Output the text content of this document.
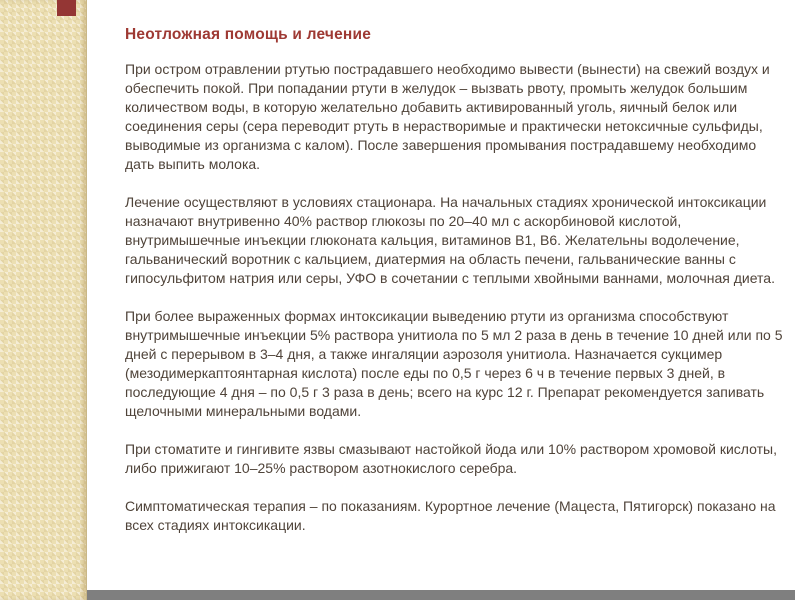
Неотложная помощь и лечение

При остром отравлении ртутью пострадавшего необходимо вывести (вынести) на свежий воздух и обеспечить покой. При попадании ртути в желудок – вызвать рвоту, промыть желудок большим количеством воды, в которую желательно добавить активированный уголь, яичный белок или соединения серы (сера переводит ртуть в нерастворимые и практически нетоксичные сульфиды, выводимые из организма с калом). После завершения промывания пострадавшему необходимо дать выпить молока.

Лечение осуществляют в условиях стационара. На начальных стадиях хронической интоксикации назначают внутривенно 40% раствор глюкозы по 20–40 мл с аскорбиновой кислотой, внутримышечные инъекции глюконата кальция, витаминов В1, В6. Желательны водолечение, гальванический воротник с кальцием, диатермия на область печени, гальванические ванны с гипосульфитом натрия или серы, УФО в сочетании с теплыми хвойными ваннами, молочная диета.

При более выраженных формах интоксикации выведению ртути из организма способствуют внутримышечные инъекции 5% раствора унитиола по 5 мл 2 раза в день в течение 10 дней или по 5 дней с перерывом в 3–4 дня, а также ингаляции аэрозоля унитиола. Назначается сукцимер (мезодимеркаптоянтарная кислота) после еды по 0,5 г через 6 ч в течение первых 3 дней, в последующие 4 дня – по 0,5 г 3 раза в день; всего на курс 12 г. Препарат рекомендуется запивать щелочными минеральными водами.

При стоматите и гингивите язвы смазывают настойкой йода или 10% раствором хромовой кислоты, либо прижигают 10–25% раствором азотнокислого серебра.

Симптоматическая терапия – по показаниям. Курортное лечение (Мацеста, Пятигорск) показано на всех стадиях интоксикации.
